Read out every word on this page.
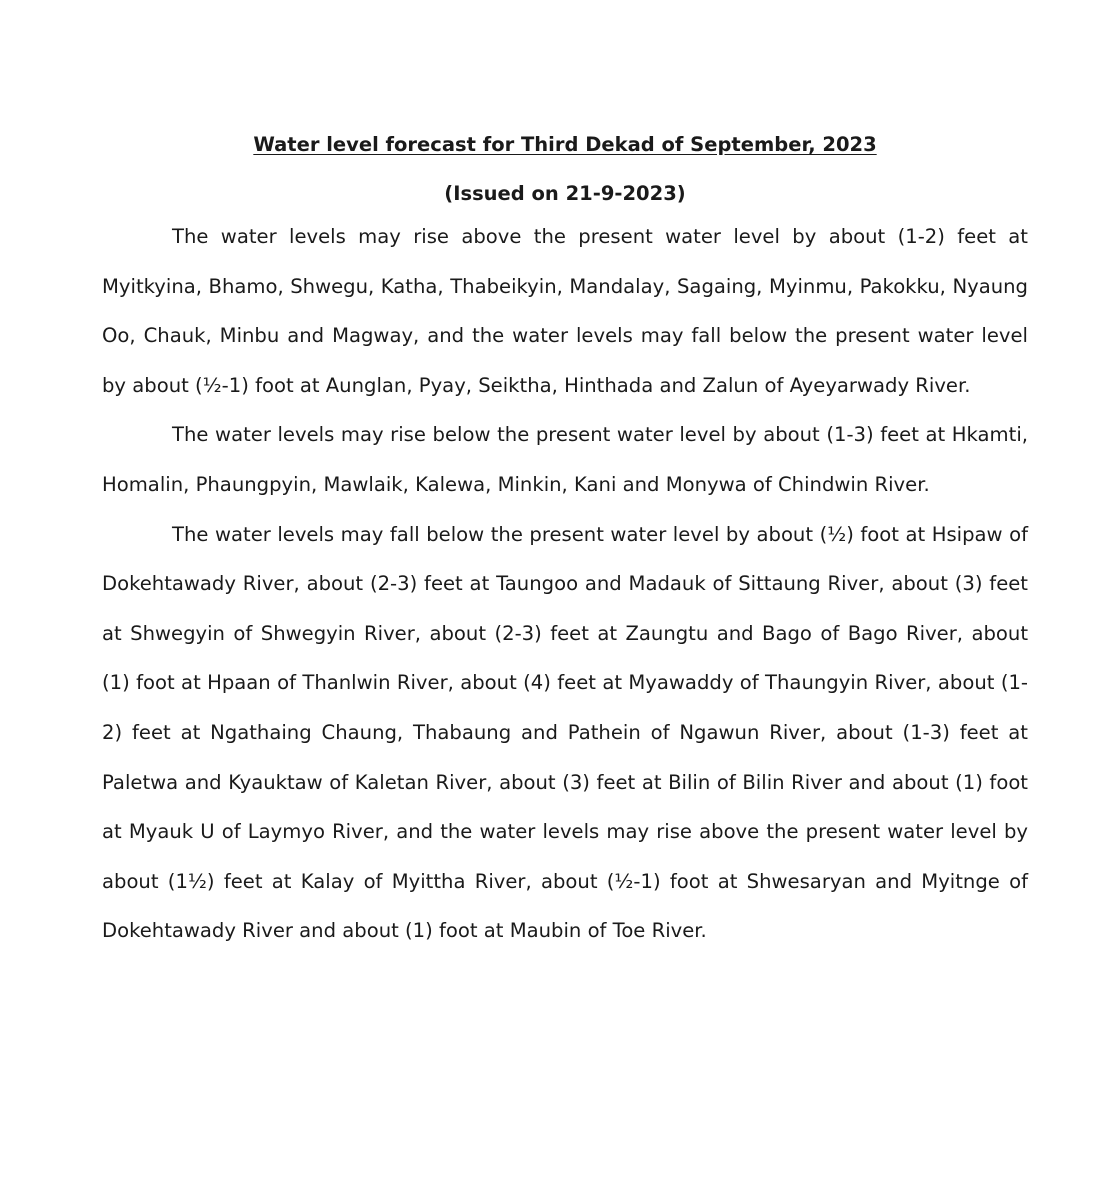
Water level forecast for Third Dekad of September, 2023

(Issued on 21-9-2023)

The water levels may rise above the present water level by about (1-2) feet at Myitkyina, Bhamo, Shwegu, Katha, Thabeikyin, Mandalay, Sagaing, Myinmu, Pakokku, Nyaung Oo, Chauk, Minbu and Magway, and the water levels may fall below the present water level by about (½-1) foot at Aunglan, Pyay, Seiktha, Hinthada and Zalun of Ayeyarwady River.

The water levels may rise below the present water level by about (1-3) feet at Hkamti, Homalin, Phaungpyin, Mawlaik, Kalewa, Minkin, Kani and Monywa of Chindwin River.

The water levels may fall below the present water level by about (½) foot at Hsipaw of Dokehtawady River, about (2-3) feet at Taungoo and Madauk of Sittaung River, about (3) feet at Shwegyin of Shwegyin River, about (2-3) feet at Zaungtu and Bago of Bago River, about (1) foot at Hpaan of Thanlwin River, about (4) feet at Myawaddy of Thaungyin River, about (1-2) feet at Ngathaing Chaung, Thabaung and Pathein of Ngawun River, about (1-3) feet at Paletwa and Kyauktaw of Kaletan River, about (3) feet at Bilin of Bilin River and about (1) foot at Myauk U of Laymyo River, and the water levels may rise above the present water level by about (1½) feet at Kalay of Myittha River, about (½-1) foot at Shwesaryan and Myitnge of Dokehtawady River and about (1) foot at Maubin of Toe River.
